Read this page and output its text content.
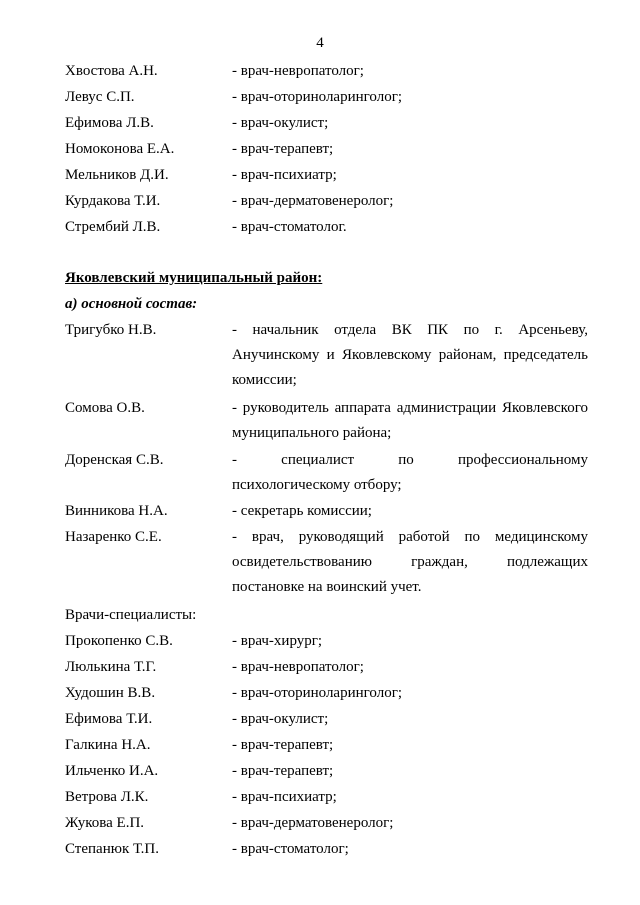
4
Хвостова А.Н.	- врач-невропатолог;
Левус С.П.	- врач-оториноларинголог;
Ефимова Л.В.	- врач-окулист;
Номоконова Е.А.	- врач-терапевт;
Мельников Д.И.	- врач-психиатр;
Курдакова Т.И.	- врач-дерматовенеролог;
Стрембий Л.В.	- врач-стоматолог.
Яковлевский муниципальный район:
а) основной состав:
Тригубко Н.В.	- начальник отдела ВК ПК по г. Арсеньеву,
Анучинскому и Яковлевскому районам, председатель
комиссии;
Сомова О.В.	- руководитель аппарата администрации Яковлевского
муниципального района;
Доренская С.В.	- специалист по профессиональному
психологическому отбору;
Винникова Н.А.	- секретарь комиссии;
Назаренко С.Е.	- врач, руководящий работой по медицинскому
освидетельствованию граждан, подлежащих
постановке на воинский учет.
Врачи-специалисты:
Прокопенко С.В.	- врач-хирург;
Люлькина Т.Г.	- врач-невропатолог;
Худошин В.В.	- врач-оториноларинголог;
Ефимова Т.И.	- врач-окулист;
Галкина Н.А.	- врач-терапевт;
Ильченко И.А.	- врач-терапевт;
Ветрова Л.К.	- врач-психиатр;
Жукова Е.П.	- врач-дерматовенеролог;
Степанюк Т.П.	- врач-стоматолог;
